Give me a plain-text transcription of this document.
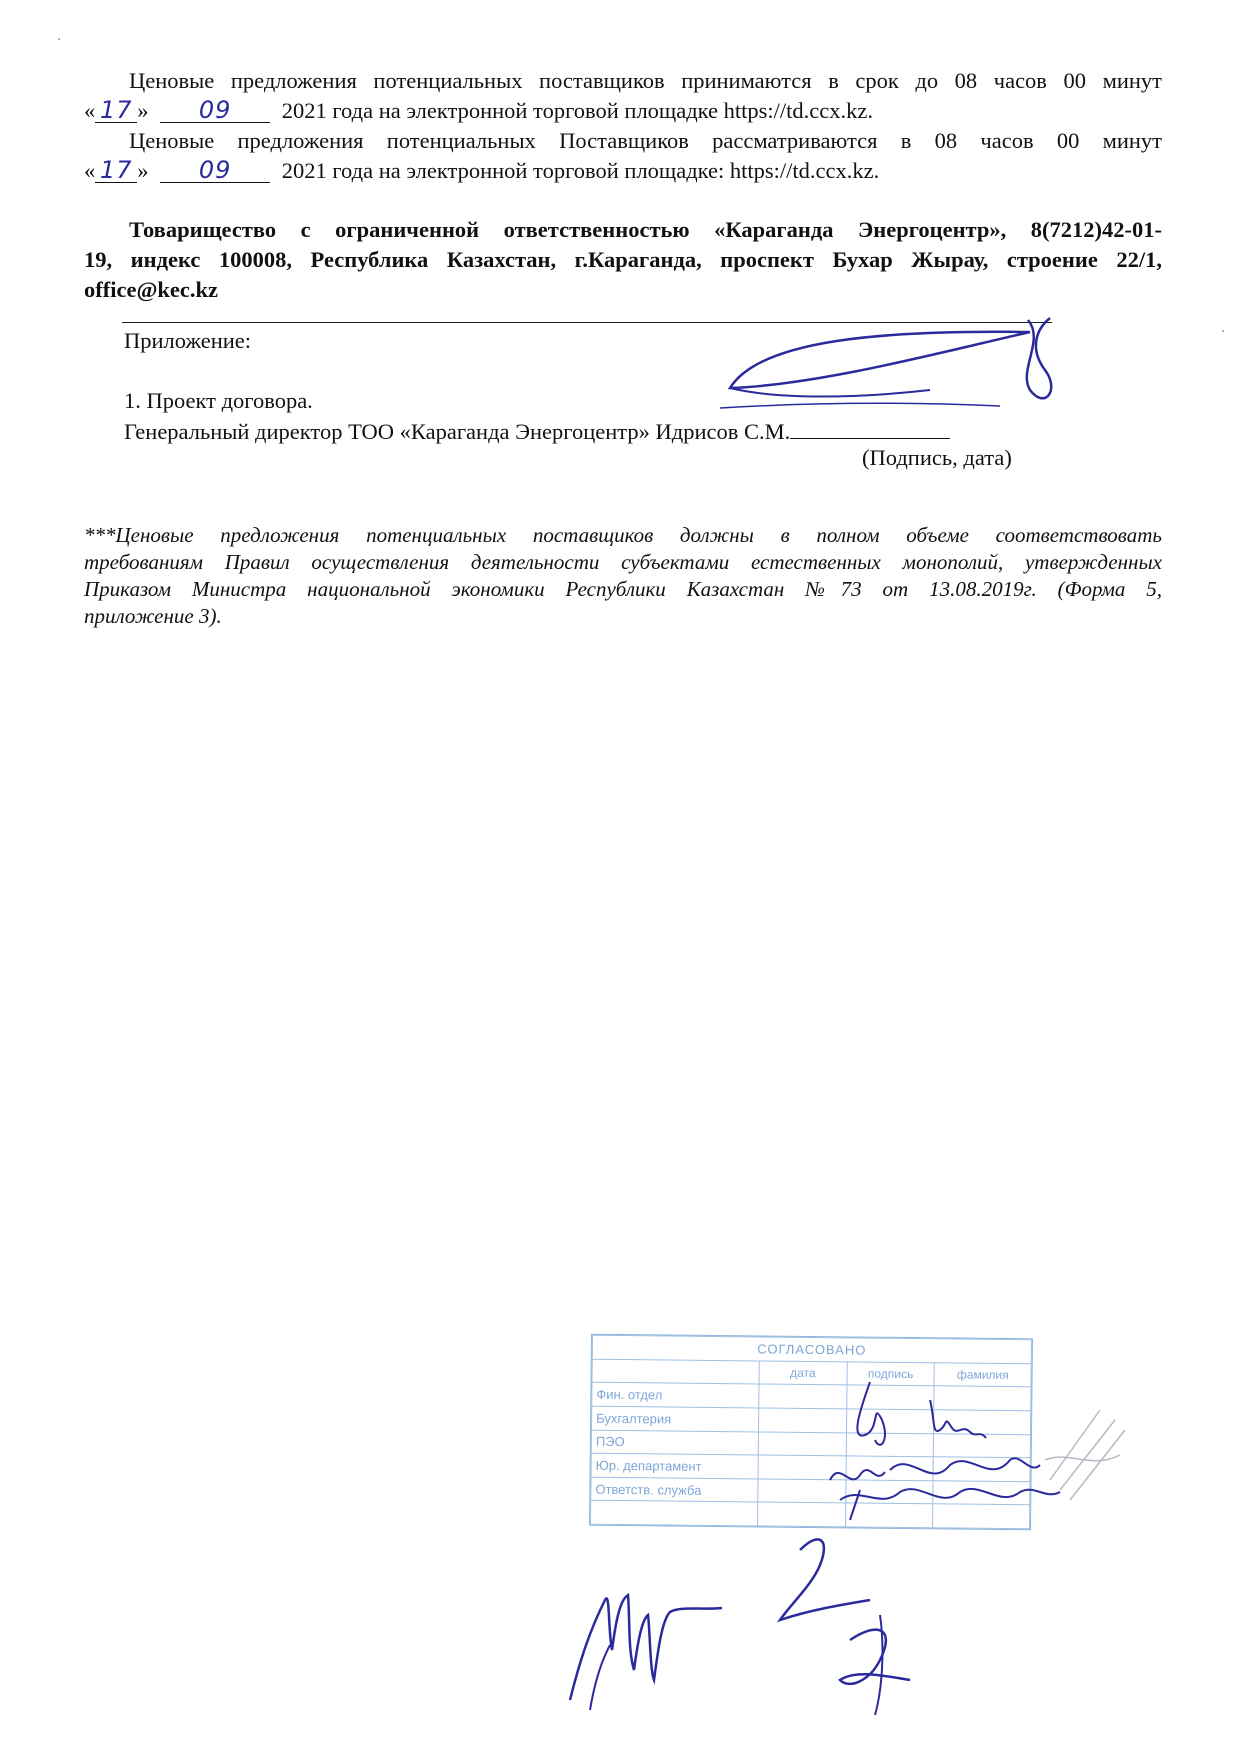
Ценовые предложения потенциальных поставщиков принимаются в срок до 08 часов 00 минут
« 17 » 09 2021 года на электронной торговой площадке https://td.ccx.kz.
Ценовые предложения потенциальных Поставщиков рассматриваются в 08 часов 00 минут
« 17 » 09 2021 года на электронной торговой площадке: https://td.ccx.kz.
Товарищество с ограниченной ответственностью «Караганда Энергоцентр», 8(7212)42-01-
19, индекс 100008, Республика Казахстан, г.Караганда, проспект Бухар Жырау, строение 22/1,
office@kec.kz
Приложение:
1. Проект договора.
Генеральный директор ТОО «Караганда Энергоцентр» Идрисов С.М.
(Подпись, дата)
***Ценовые предложения потенциальных поставщиков должны в полном объеме соответствовать
требованиям Правил осуществления деятельности субъектами естественных монополий, утвержденных
Приказом Министра национальной экономики Республики Казахстан №73 от 13.08.2019г. (Форма 5,
приложение 3).
СОГЛАСОВАНО			
	дата	подпись	фамилия
Фин. отдел			
Бухгалтерия			
ПЭО			
Юр. департамент			
Ответств. служба			
